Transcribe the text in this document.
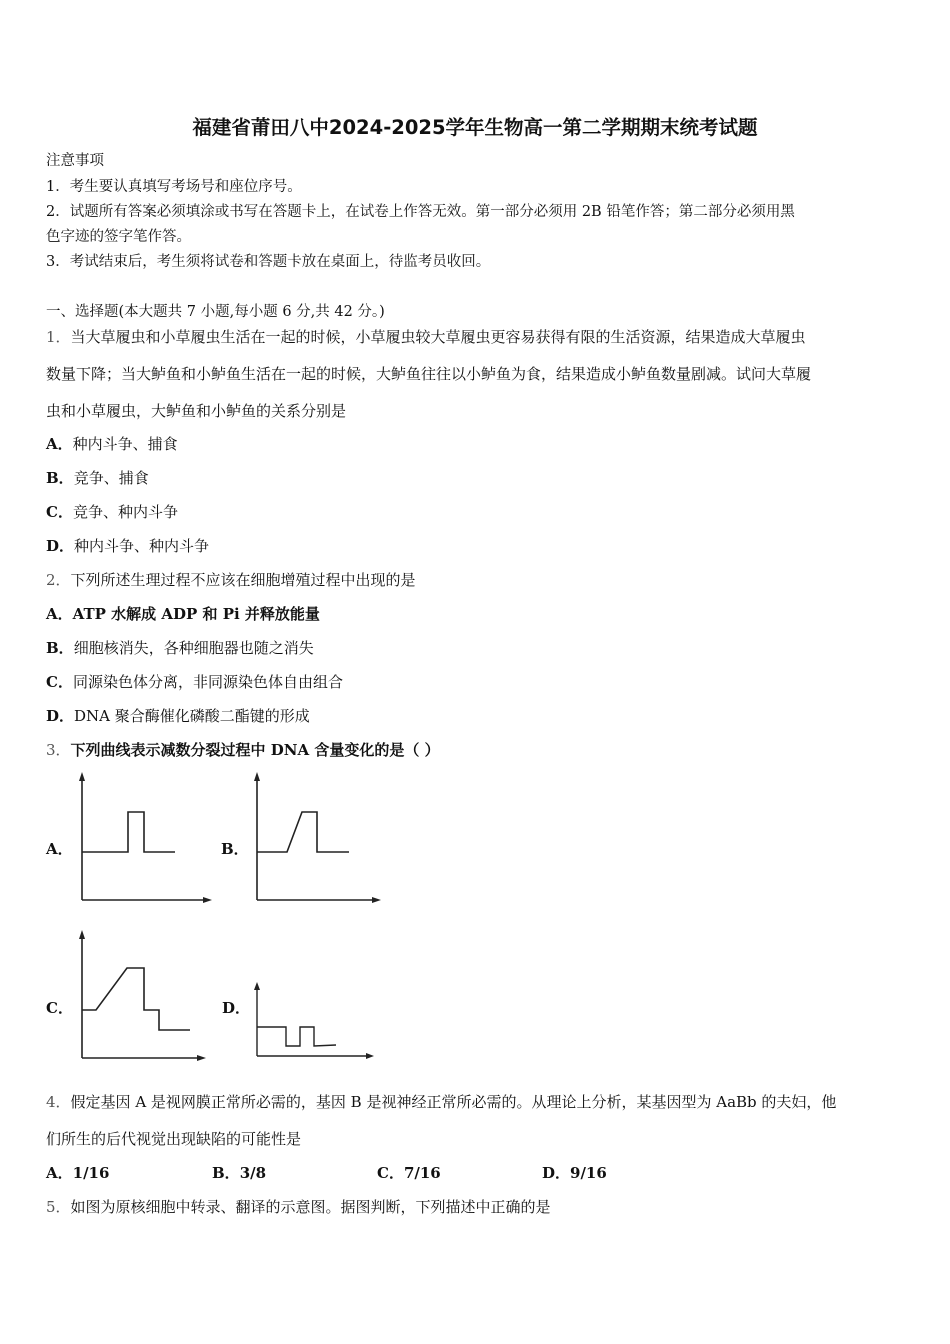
福建省莆田八中2024-2025学年生物高一第二学期期末统考试题
注意事项
1．考生要认真填写考场号和座位序号。
2．试题所有答案必须填涂或书写在答题卡上，在试卷上作答无效。第一部分必须用 2B 铅笔作答；第二部分必须用黑
色字迹的签字笔作答。
3．考试结束后，考生须将试卷和答题卡放在桌面上，待监考员收回。
一、选择题(本大题共 7 小题,每小题 6 分,共 42 分。)
1．当大草履虫和小草履虫生活在一起的时候，小草履虫较大草履虫更容易获得有限的生活资源，结果造成大草履虫
数量下降；当大鲈鱼和小鲈鱼生活在一起的时候，大鲈鱼往往以小鲈鱼为食，结果造成小鲈鱼数量剧减。试问大草履
虫和小草履虫，大鲈鱼和小鲈鱼的关系分别是
A．种内斗争、捕食
B．竞争、捕食
C．竞争、种内斗争
D．种内斗争、种内斗争
2．下列所述生理过程不应该在细胞增殖过程中出现的是
A．ATP 水解成 ADP 和 Pi 并释放能量
B．细胞核消失，各种细胞器也随之消失
C．同源染色体分离，非同源染色体自由组合
D．DNA 聚合酶催化磷酸二酯键的形成
3．下列曲线表示减数分裂过程中 DNA 含量变化的是（ ）
A．	B．
C．	D．
4．假定基因 A 是视网膜正常所必需的，基因 B 是视神经正常所必需的。从理论上分析，某基因型为 AaBb 的夫妇，他
们所生的后代视觉出现缺陷的可能性是
A．1/16	B．3/8	C．7/16	D．9/16
5．如图为原核细胞中转录、翻译的示意图。据图判断，下列描述中正确的是
